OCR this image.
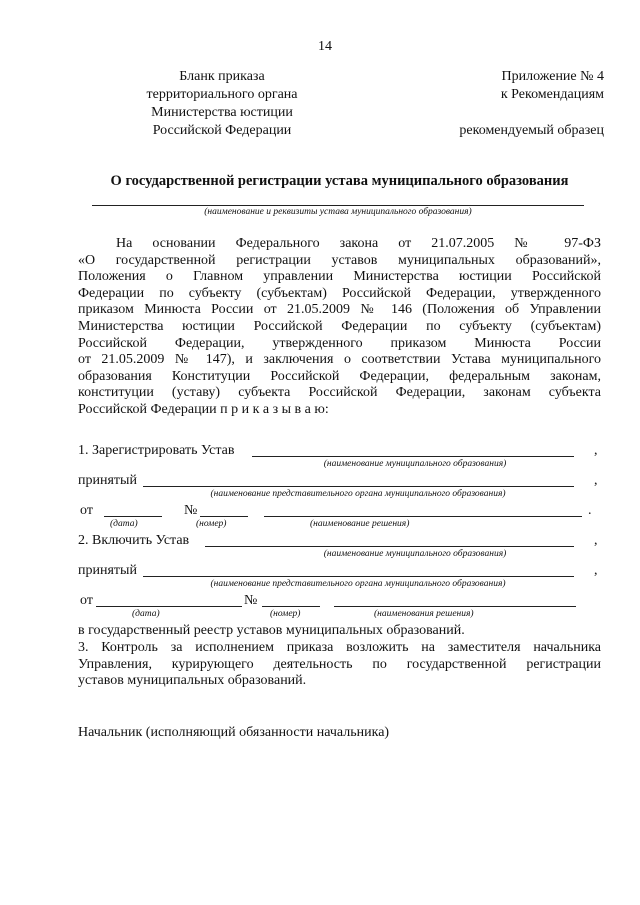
14
Бланк приказа
территориального органа
Министерства юстиции
Российской Федерации
Приложение № 4
к Рекомендациям
рекомендуемый образец
О государственной регистрации устава муниципального образования
(наименование и реквизиты устава муниципального образования)
На основании Федерального закона от 21.07.2005 № 97-ФЗ
«О государственной регистрации уставов муниципальных образований»,
Положения о Главном управлении Министерства юстиции Российской
Федерации по субъекту (субъектам) Российской Федерации, утвержденного
приказом Минюста России от 21.05.2009 № 146 (Положения об Управлении
Министерства юстиции Российской Федерации по субъекту (субъектам)
Российской Федерации, утвержденного приказом Минюста России
от 21.05.2009 № 147), и заключения о соответствии Устава муниципального
образования Конституции Российской Федерации, федеральным законам,
конституции (уставу) субъекта Российской Федерации, законам субъекта
Российской Федерации п р и к а з ы в а ю:
1. Зарегистрировать Устав	,
(наименование муниципального образования)
принятый	,
(наименование представительного органа муниципального образования)
от	№	.
(дата)	(номер)	(наименование решения)
2. Включить Устав	,
(наименование муниципального образования)
принятый	,
(наименование представительного органа муниципального образования)
от	№
(дата)	(номер)	(наименования решения)
в государственный реестр уставов муниципальных образований.
3. Контроль за исполнением приказа возложить на заместителя начальника
Управления, курирующего деятельность по государственной регистрации
уставов муниципальных образований.
Начальник (исполняющий обязанности начальника)
